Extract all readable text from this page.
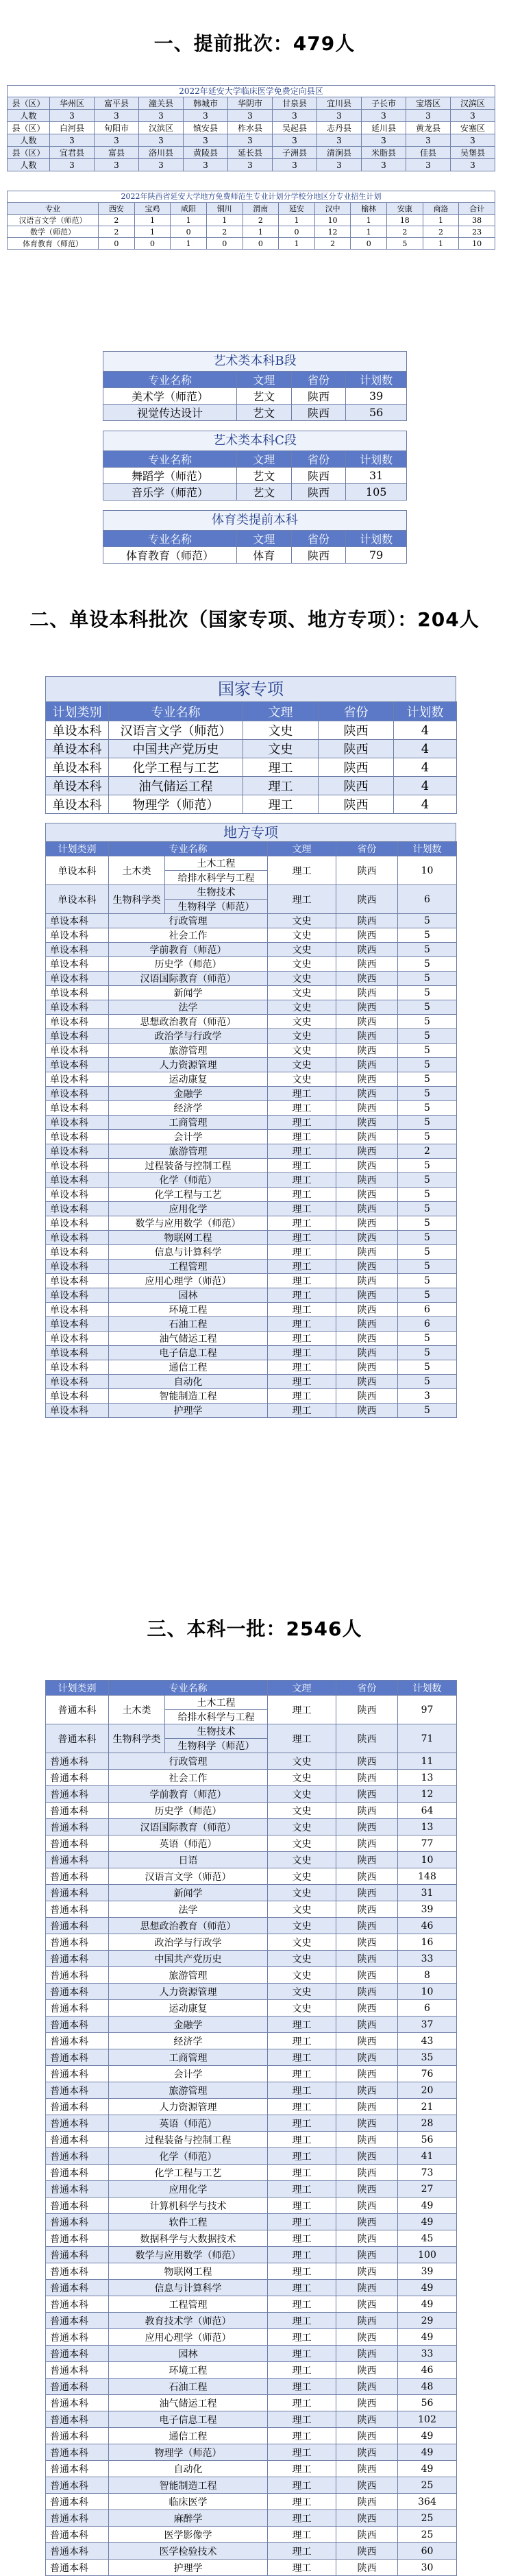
一、提前批次：479人
2022年延安大学临床医学免费定向县区
县（区）	华州区	富平县	潼关县	韩城市	华阴市	甘泉县	宜川县	子长市	宝塔区	汉滨区
人数	3	3	3	3	3	3	3	3	3	3
县（区）	白河县	旬阳市	汉滨区	镇安县	柞水县	吴起县	志丹县	延川县	黄龙县	安塞区
人数	3	3	3	3	3	3	3	3	3	3
县（区）	宜君县	富县	洛川县	黄陵县	延长县	子洲县	清涧县	米脂县	佳县	吴堡县
人数	3	3	3	3	3	3	3	3	3	3
2022年陕西省延安大学地方免费师范生专业计划分学校分地区分专业招生计划
专业	西安	宝鸡	咸阳	铜川	渭南	延安	汉中	榆林	安康	商洛	合计
汉语言文学（师范）	2	1	1	1	2	1	10	1	18	1	38
数学（师范）	2	1	0	2	1	0	12	1	2	2	23
体育教育（师范）	0	0	1	0	0	1	2	0	5	1	10
艺术类本科B段
专业名称	文理	省份	计划数
美术学（师范）	艺文	陕西	39
视觉传达设计	艺文	陕西	56
艺术类本科C段
专业名称	文理	省份	计划数
舞蹈学（师范）	艺文	陕西	31
音乐学（师范）	艺文	陕西	105
体育类提前本科
专业名称	文理	省份	计划数
体育教育（师范）	体育	陕西	79
二、单设本科批次（国家专项、地方专项）：204人
国家专项
计划类别	专业名称	文理	省份	计划数
单设本科	汉语言文学（师范）	文史	陕西	4
单设本科	中国共产党历史	文史	陕西	4
单设本科	化学工程与工艺	理工	陕西	4
单设本科	油气储运工程	理工	陕西	4
单设本科	物理学（师范）	理工	陕西	4
地方专项
计划类别	专业名称		文理	省份	计划数
单设本科	土木类	土木工程	理工	陕西	10
		给排水科学与工程			
单设本科	生物科学类	生物技术	理工	陕西	6
		生物科学（师范）			
单设本科	行政管理		文史	陕西	5
单设本科	社会工作		文史	陕西	5
单设本科	学前教育（师范）		文史	陕西	5
单设本科	历史学（师范）		文史	陕西	5
单设本科	汉语国际教育（师范）		文史	陕西	5
单设本科	新闻学		文史	陕西	5
单设本科	法学		文史	陕西	5
单设本科	思想政治教育（师范）		文史	陕西	5
单设本科	政治学与行政学		文史	陕西	5
单设本科	旅游管理		文史	陕西	5
单设本科	人力资源管理		文史	陕西	5
单设本科	运动康复		文史	陕西	5
单设本科	金融学		理工	陕西	5
单设本科	经济学		理工	陕西	5
单设本科	工商管理		理工	陕西	5
单设本科	会计学		理工	陕西	5
单设本科	旅游管理		理工	陕西	2
单设本科	过程装备与控制工程		理工	陕西	5
单设本科	化学（师范）		理工	陕西	5
单设本科	化学工程与工艺		理工	陕西	5
单设本科	应用化学		理工	陕西	5
单设本科	数学与应用数学（师范）		理工	陕西	5
单设本科	物联网工程		理工	陕西	5
单设本科	信息与计算科学		理工	陕西	5
单设本科	工程管理		理工	陕西	5
单设本科	应用心理学（师范）		理工	陕西	5
单设本科	园林		理工	陕西	5
单设本科	环境工程		理工	陕西	6
单设本科	石油工程		理工	陕西	6
单设本科	油气储运工程		理工	陕西	5
单设本科	电子信息工程		理工	陕西	5
单设本科	通信工程		理工	陕西	5
单设本科	自动化		理工	陕西	5
单设本科	智能制造工程		理工	陕西	3
单设本科	护理学		理工	陕西	5
三、本科一批：2546人
计划类别	专业名称		文理	省份	计划数
普通本科	土木类	土木工程	理工	陕西	97
		给排水科学与工程			
普通本科	生物科学类	生物技术	理工	陕西	71
		生物科学（师范）			
普通本科	行政管理		文史	陕西	11
普通本科	社会工作		文史	陕西	13
普通本科	学前教育（师范）		文史	陕西	12
普通本科	历史学（师范）		文史	陕西	64
普通本科	汉语国际教育（师范）		文史	陕西	13
普通本科	英语（师范）		文史	陕西	77
普通本科	日语		文史	陕西	10
普通本科	汉语言文学（师范）		文史	陕西	148
普通本科	新闻学		文史	陕西	31
普通本科	法学		文史	陕西	39
普通本科	思想政治教育（师范）		文史	陕西	46
普通本科	政治学与行政学		文史	陕西	16
普通本科	中国共产党历史		文史	陕西	33
普通本科	旅游管理		文史	陕西	8
普通本科	人力资源管理		文史	陕西	10
普通本科	运动康复		文史	陕西	6
普通本科	金融学		理工	陕西	37
普通本科	经济学		理工	陕西	43
普通本科	工商管理		理工	陕西	35
普通本科	会计学		理工	陕西	76
普通本科	旅游管理		理工	陕西	20
普通本科	人力资源管理		理工	陕西	21
普通本科	英语（师范）		理工	陕西	28
普通本科	过程装备与控制工程		理工	陕西	56
普通本科	化学（师范）		理工	陕西	41
普通本科	化学工程与工艺		理工	陕西	73
普通本科	应用化学		理工	陕西	27
普通本科	计算机科学与技术		理工	陕西	49
普通本科	软件工程		理工	陕西	49
普通本科	数据科学与大数据技术		理工	陕西	45
普通本科	数学与应用数学（师范）		理工	陕西	100
普通本科	物联网工程		理工	陕西	39
普通本科	信息与计算科学		理工	陕西	49
普通本科	工程管理		理工	陕西	49
普通本科	教育技术学（师范）		理工	陕西	29
普通本科	应用心理学（师范）		理工	陕西	49
普通本科	园林		理工	陕西	33
普通本科	环境工程		理工	陕西	46
普通本科	石油工程		理工	陕西	48
普通本科	油气储运工程		理工	陕西	56
普通本科	电子信息工程		理工	陕西	102
普通本科	通信工程		理工	陕西	49
普通本科	物理学（师范）		理工	陕西	49
普通本科	自动化		理工	陕西	49
普通本科	智能制造工程		理工	陕西	25
普通本科	临床医学		理工	陕西	364
普通本科	麻醉学		理工	陕西	25
普通本科	医学影像学		理工	陕西	25
普通本科	医学检验技术		理工	陕西	60
普通本科	护理学		理工	陕西	30
